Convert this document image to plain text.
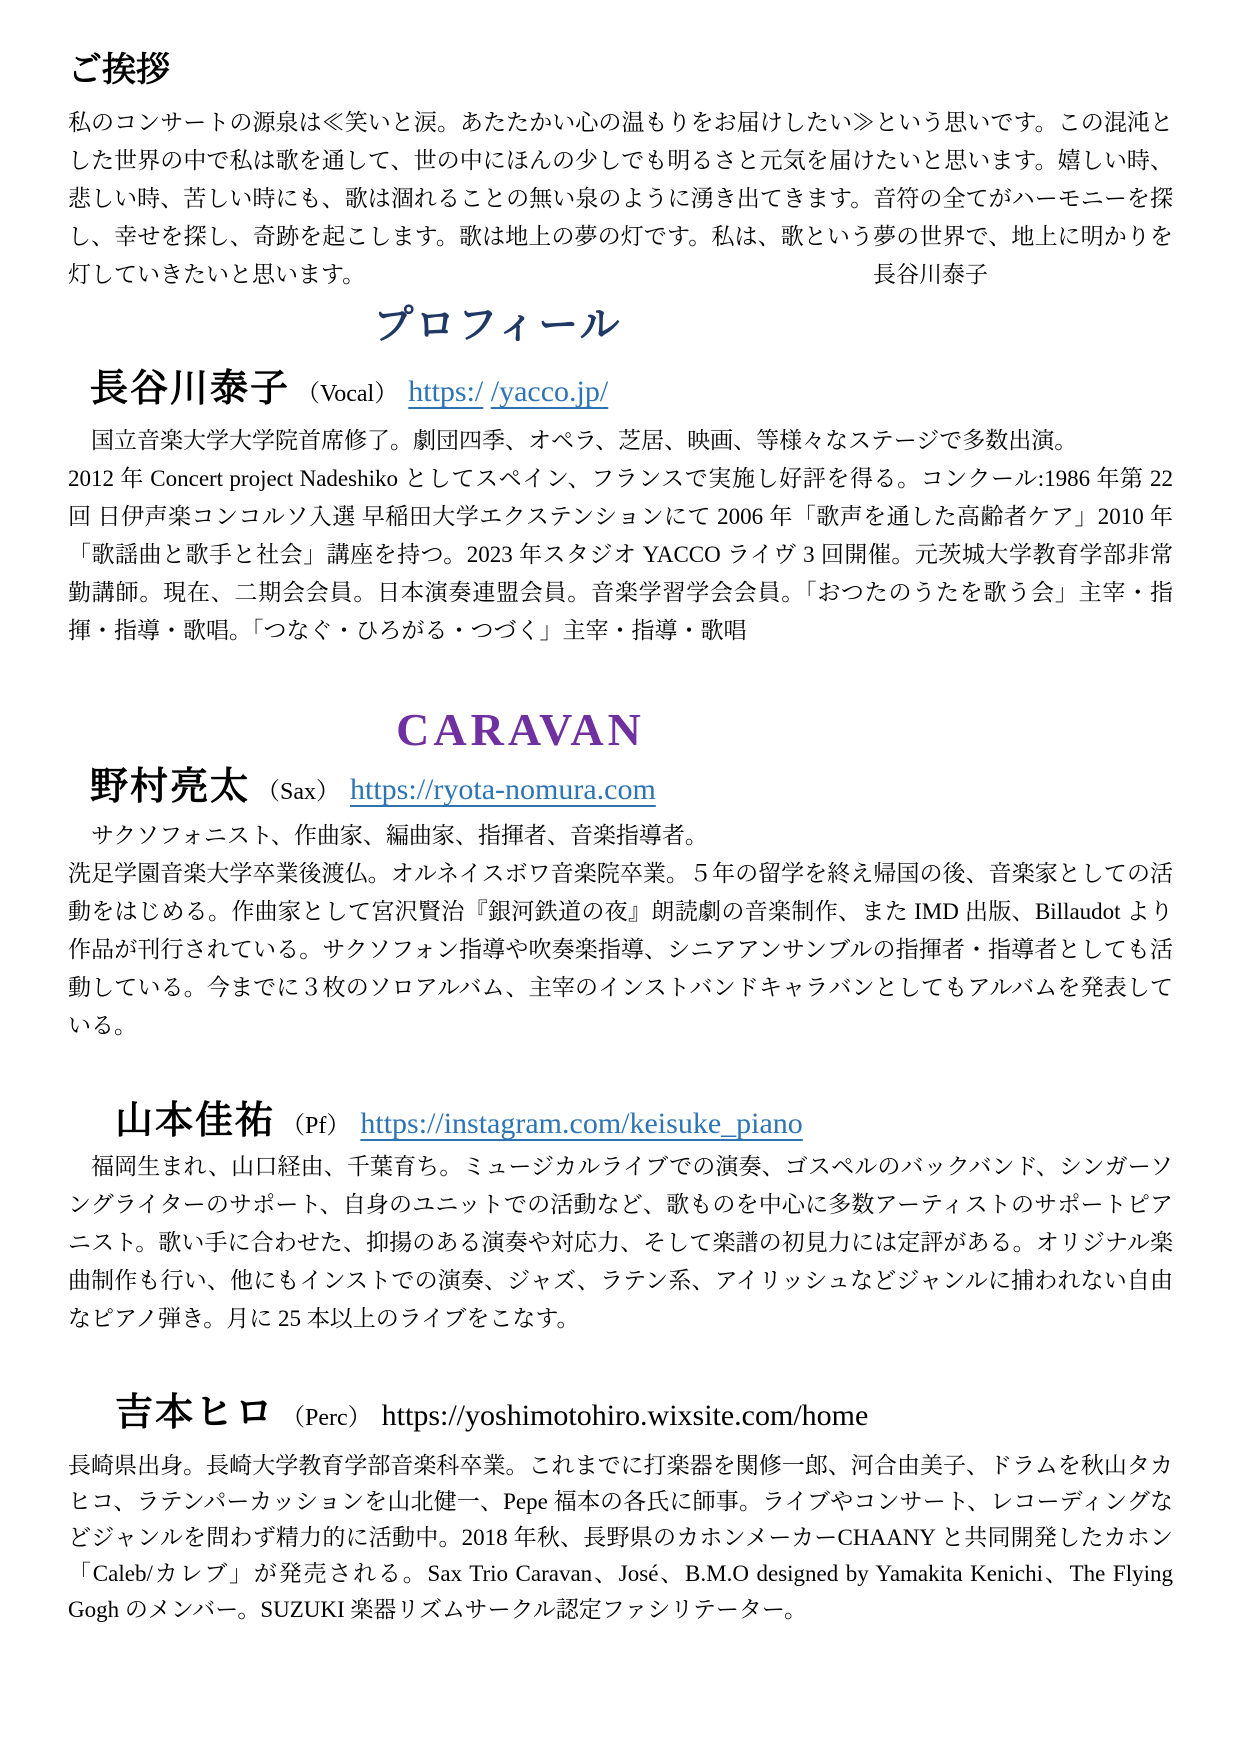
ご挨拶

私のコンサートの源泉は≪笑いと涙。あたたかい心の温もりをお届けしたい≫という思いです。この混沌とした世界の中で私は歌を通して、世の中にほんの少しでも明るさと元気を届けたいと思います。嬉しい時、悲しい時、苦しい時にも、歌は涸れることの無い泉のように湧き出てきます。音符の全てがハーモニーを探し、幸せを探し、奇跡を起こします。歌は地上の夢の灯です。私は、歌という夢の世界で、地上に明かりを灯していきたいと思います。	長谷川泰子

プロフィール
長谷川泰子 （Vocal） https:/ /yacco.jp/

国立音楽大学大学院首席修了。劇団四季、オペラ、芝居、映画、等様々なステージで多数出演。

2012 年 Concert project Nadeshiko としてスペイン、フランスで実施し好評を得る。コンクール:1986 年第 22 回 日伊声楽コンコルソ入選 早稲田大学エクステンションにて 2006 年「歌声を通した高齢者ケア」2010 年「歌謡曲と歌手と社会」講座を持つ。2023 年スタジオ YACCO ライヴ 3 回開催。元茨城大学教育学部非常勤講師。現在、二期会会員。日本演奏連盟会員。音楽学習学会会員。「おつたのうたを歌う会」主宰・指揮・指導・歌唱。「つなぐ・ひろがる・つづく」主宰・指導・歌唱

CARAVAN
野村亮太 （Sax） https://ryota-nomura.com

サクソフォニスト、作曲家、編曲家、指揮者、音楽指導者。

洗足学園音楽大学卒業後渡仏。オルネイスボワ音楽院卒業。５年の留学を終え帰国の後、音楽家としての活動をはじめる。作曲家として宮沢賢治『銀河鉄道の夜』朗読劇の音楽制作、また IMD 出版、Billaudot より作品が刊行されている。サクソフォン指導や吹奏楽指導、シニアアンサンブルの指揮者・指導者としても活動している。今までに３枚のソロアルバム、主宰のインストバンドキャラバンとしてもアルバムを発表している。

山本佳祐 （Pf） https://instagram.com/keisuke_piano

福岡生まれ、山口経由、千葉育ち。ミュージカルライブでの演奏、ゴスペルのバックバンド、シンガーソングライターのサポート、自身のユニットでの活動など、歌ものを中心に多数アーティストのサポートピアニスト。歌い手に合わせた、抑揚のある演奏や対応力、そして楽譜の初見力には定評がある。オリジナル楽曲制作も行い、他にもインストでの演奏、ジャズ、ラテン系、アイリッシュなどジャンルに捕われない自由なピアノ弾き。月に 25 本以上のライブをこなす。

吉本ヒロ （Perc） https://yoshimotohiro.wixsite.com/home

長崎県出身。長崎大学教育学部音楽科卒業。これまでに打楽器を関修一郎、河合由美子、ドラムを秋山タカヒコ、ラテンパーカッションを山北健一、Pepe 福本の各氏に師事。ライブやコンサート、レコーディングなどジャンルを問わず精力的に活動中。2018 年秋、長野県のカホンメーカーCHAANY と共同開発したカホン「Caleb/カレブ」が発売される。Sax Trio Caravan、José、B.M.O designed by Yamakita Kenichi、The Flying Gogh のメンバー。SUZUKI 楽器リズムサークル認定ファシリテーター。
